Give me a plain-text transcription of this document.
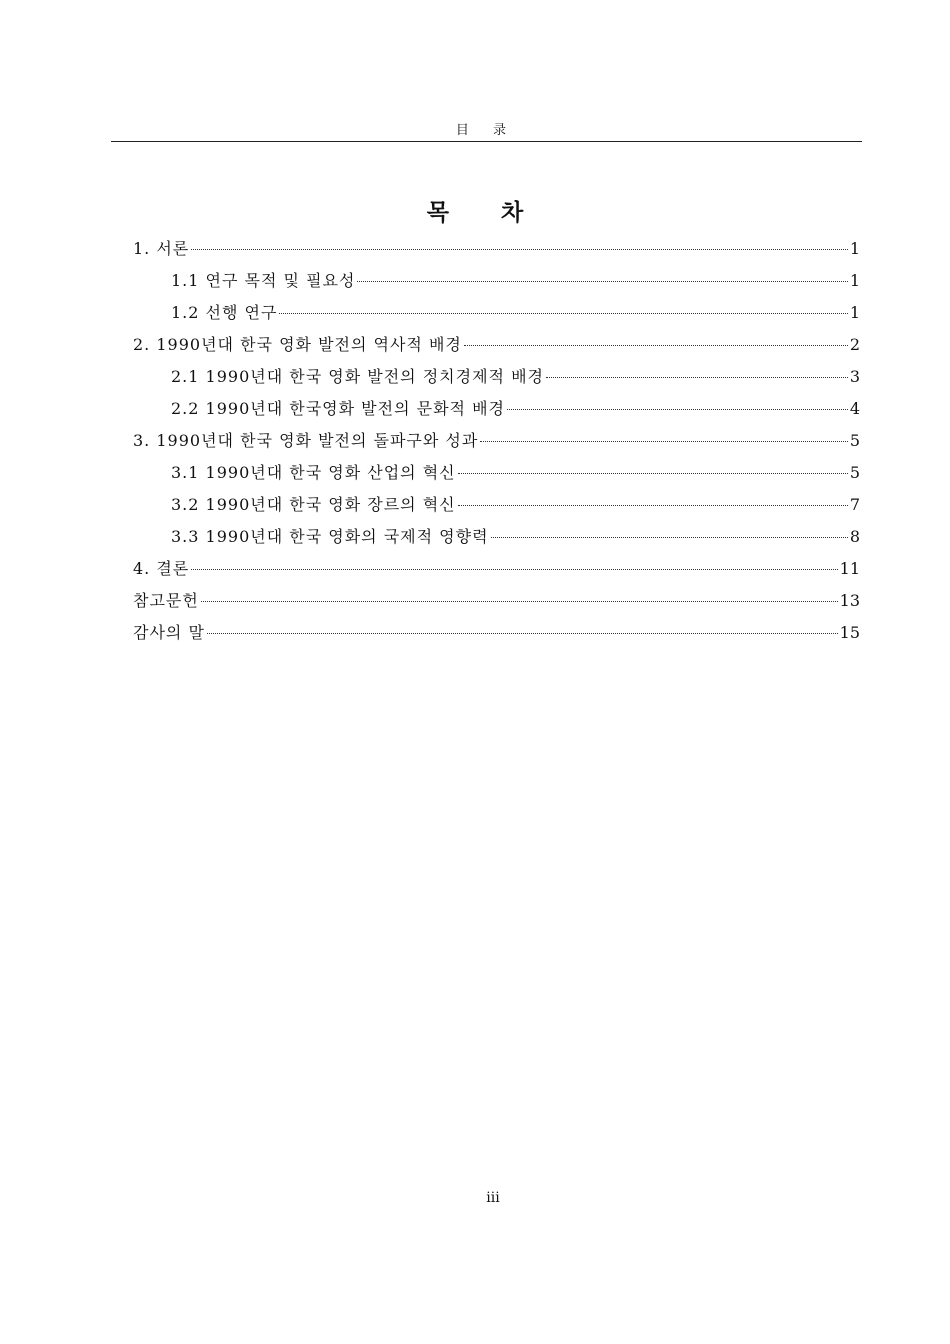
目 录
목 차
1. 서론	1
1.1 연구 목적 및 필요성	1
1.2 선행 연구	1
2. 1990년대 한국 영화 발전의 역사적 배경	2
2.1 1990년대 한국 영화 발전의 정치경제적 배경	3
2.2 1990년대 한국영화 발전의 문화적 배경	4
3. 1990년대 한국 영화 발전의 돌파구와 성과	5
3.1 1990년대 한국 영화 산업의 혁신	5
3.2 1990년대 한국 영화 장르의 혁신	7
3.3 1990년대 한국 영화의 국제적 영향력	8
4. 결론	11
참고문헌	13
감사의 말	15
iii
